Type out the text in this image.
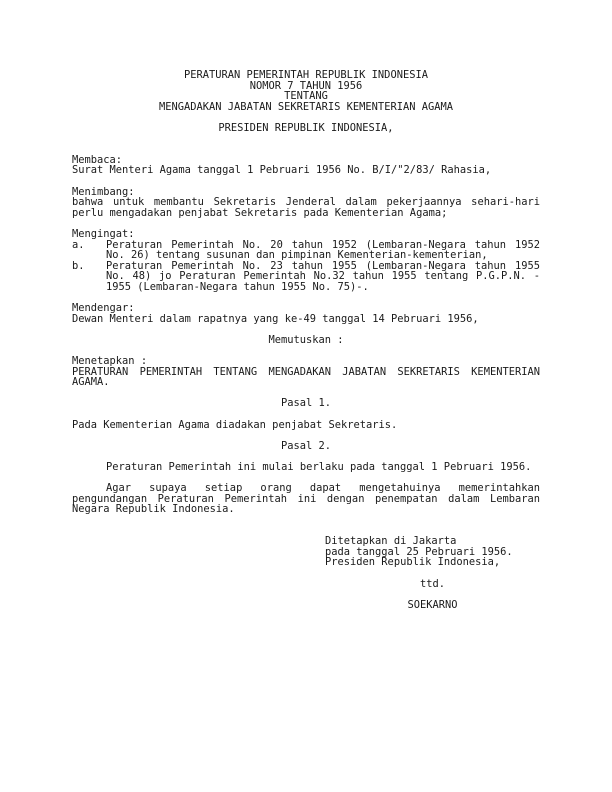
PERATURAN PEMERINTAH REPUBLIK INDONESIA
NOMOR 7 TAHUN 1956
TENTANG
MENGADAKAN JABATAN SEKRETARIS KEMENTERIAN AGAMA
PRESIDEN REPUBLIK INDONESIA,
Membaca:
Surat Menteri Agama tanggal 1 Pebruari 1956 No. B/I/"2/83/ Rahasia,
Menimbang:
bahwa untuk membantu Sekretaris Jenderal dalam pekerjaannya sehari-hari perlu mengadakan penjabat Sekretaris pada Kementerian Agama;
Mengingat:
a.	Peraturan Pemerintah No. 20 tahun 1952 (Lembaran-Negara tahun 1952 No. 26) tentang susunan dan pimpinan Kementerian-kementerian,
b.	Peraturan Pemerintah No. 23 tahun 1955 (Lembaran-Negara tahun 1955 No. 48) jo Peraturan Pemerintah No.32 tahun 1955 tentang P.G.P.N. - 1955 (Lembaran-Negara tahun 1955 No. 75)-.
Mendengar:
Dewan Menteri dalam rapatnya yang ke-49 tanggal 14 Pebruari 1956,
Memutuskan :
Menetapkan :
PERATURAN PEMERINTAH TENTANG MENGADAKAN JABATAN SEKRETARIS KEMENTERIAN AGAMA.
Pasal 1.
Pada Kementerian Agama diadakan penjabat Sekretaris.
Pasal 2.
Peraturan Pemerintah ini mulai berlaku pada tanggal 1 Pebruari 1956.
Agar supaya setiap orang dapat mengetahuinya memerintahkan pengundangan Peraturan Pemerintah ini dengan penempatan dalam Lembaran Negara Republik Indonesia.
Ditetapkan di Jakarta
pada tanggal 25 Pebruari 1956.
Presiden Republik Indonesia,
ttd.
SOEKARNO
